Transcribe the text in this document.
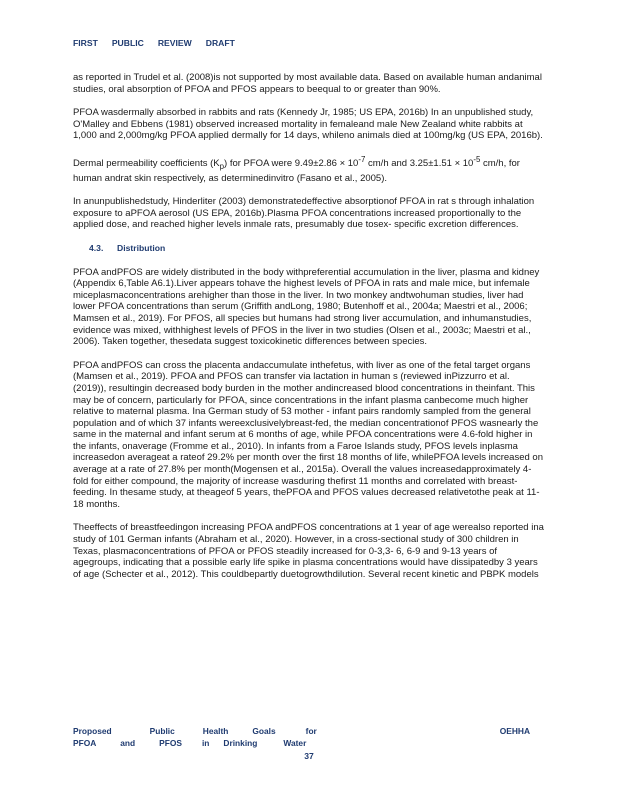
FIRST PUBLIC REVIEW DRAFT

as reported in Trudel et al. (2008)is not supported by most available data. Based on available human andanimal studies, oral absorption of PFOA and PFOS appears to beequal to or greater than 90%.

PFOA wasdermally absorbed in rabbits and rats (Kennedy Jr, 1985; US EPA, 2016b) In an unpublished study, O'Malley and Ebbens (1981) observed increased mortality in femaleand male New Zealand white rabbits at 1,000 and 2,000mg/kg PFOA applied dermally for 14 days, whileno animals died at 100mg/kg (US EPA, 2016b).

Dermal permeability coefficients $(K_p)$ for PFOA were $9.49\pm 2.86 \times 10^{-7}$ cm/h and $3.25\pm 1.51 \times 10^{-5}$ cm/h, for human andrat skin respectively, as determinedinvitro (Fasano et al., 2005).

In anunpublishedstudy, Hinderliter (2003) demonstratedeffective absorptionof PFOA in rat s through inhalation exposure to aPFOA aerosol (US EPA, 2016b).Plasma PFOA concentrations increased proportionally to the applied dose, and reached higher levels inmale rats, presumably due tosex- specific excretion differences.

4.3. Distribution

PFOA andPFOS are widely distributed in the body withpreferential accumulation in the liver, plasma and kidney (Appendix 6,Table A6.1).Liver appears tohave the highest levels of PFOA in rats and male mice, but infemale miceplasmaconcentrations arehigher than those in the liver. In two monkey andtwohuman studies, liver had lower PFOA concentrations than serum (Griffith andLong, 1980; Butenhoff et al., 2004a; Maestri et al., 2006; Mamsen et al., 2019). For PFOS, all species but humans had strong liver accumulation, and inhumanstudies, evidence was mixed, withhighest levels of PFOS in the liver in two studies (Olsen et al., 2003c; Maestri et al., 2006). Taken together, thesedata suggest toxicokinetic differences between species.

PFOA andPFOS can cross the placenta andaccumulate inthefetus, with liver as one of the fetal target organs (Mamsen et al., 2019). PFOA and PFOS can transfer via lactation in human s (reviewed inPizzurro et al. (2019)), resultingin decreased body burden in the mother andincreased blood concentrations in theinfant. This may be of concern, particularly for PFOA, since concentrations in the infant plasma canbecome much higher relative to maternal plasma. Ina German study of 53 mother - infant pairs randomly sampled from the general population and of which 37 infants wereexclusivelybreast-fed, the median concentrationof PFOS wasnearly the same in the maternal and infant serum at 6 months of age, while PFOA concentrations were 4.6-fold higher in the infants, onaverage (Fromme et al., 2010). In infants from a Faroe Islands study, PFOS levels inplasma increasedon averageat a rateof 29.2% per month over the first 18 months of life, whilePFOA levels increased on average at a rate of 27.8% per month(Mogensen et al., 2015a). Overall the values increasedapproximately 4-fold for either compound, the majority of increase wasduring thefirst 11 months and correlated with breast-feeding. In thesame study, at theageof 5 years, thePFOA and PFOS values decreased relativetothe peak at 11- 18 months.

Theeffects of breastfeedingon increasing PFOA andPFOS concentrations at 1 year of age werealso reported ina study of 101 German infants (Abraham et al., 2020). However, in a cross-sectional study of 300 children in Texas, plasmaconcentrations of PFOA or PFOS steadily increased for 0-3,3- 6, 6-9 and 9-13 years of agegroups, indicating that a possible early life spike in plasma concentrations would have dissipatedby 3 years of age (Schecter et al., 2012). This couldbepartly duetogrowthdilution. Several recent kinetic and PBPK models

Proposed	Public	Health	Goals	for
PFOA	and	PFOS in Drinking	Water
OEHHA
37
